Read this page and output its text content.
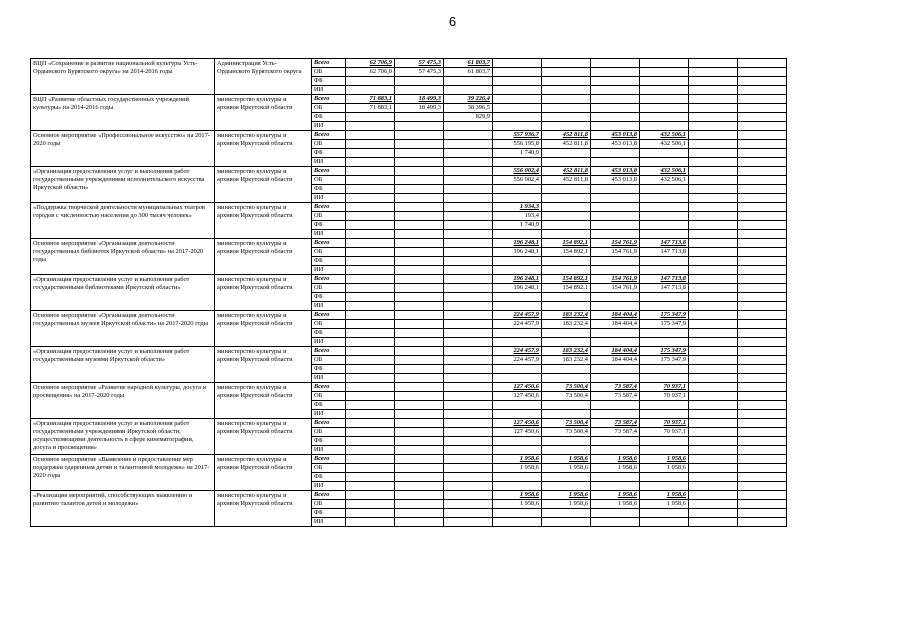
6
ВЦП «Сохранение и развитие национальной культуры Усть-Ордынского Бурятского округа» на 2014-2016 годы	Администрация Усть-Ордынского Бурятского округа	Всего	62 706,9	57 475,3	61 803,7						
		ОБ	62 706,0	57 475,3	61 803,7						
		ФБ									
		ИИ									
ВЦП «Развитие областных государственных учреждений культуры» на 2014-2016 годы	министерство культуры и архивов Иркутской области	Всего	71 883,1	18 499,3	39 226,4						
		ОБ	71 883,1	18 499,3	38 396,5						
		ФБ			829,9						
		ИИ									
Основное мероприятие «Профессиональное искусство» на 2017-2020 годы	министерство культуры и архивов Иркутской области	Всего				557 936,7	452 811,8	453 013,8	432 506,1		
		ОБ				556 195,8	452 811,8	453 013,8	432 506,1		
		ФБ				1 740,9					
		ИИ									
«Организация предоставления услуг и выполнения работ государственными учреждениями исполнительского искусства Иркутской области»	министерство культуры и архивов Иркутской области	Всего				556 002,4	452 811,8	453 013,8	432 506,1		
		ОБ				556 002,4	452 811,8	453 013,8	432 506,1		
		ФБ									
		ИИ									
«Поддержка творческой деятельности муниципальных театров городов с численностью населения до 300 тысяч человек»	министерство культуры и архивов Иркутской области	Всего				1 934,3					
		ОБ				193,4					
		ФБ				1 740,9					
		ИИ									
Основное мероприятие «Организация деятельности государственных библиотек Иркутской области» на 2017-2020 годы	министерство культуры и архивов Иркутской области	Всего				196 248,1	154 892,1	154 761,9	147 713,8		
		ОБ				196 248,1	154 892,1	154 761,9	147 713,8		
		ФБ									
		ИИ									
«Организация предоставления услуг и выполнения работ государственными библиотеками Иркутской области»	министерство культуры и архивов Иркутской области	Всего				196 248,1	154 892,1	154 761,9	147 713,8		
		ОБ				196 248,1	154 892,1	154 761,9	147 713,8		
		ФБ									
		ИИ									
Основное мероприятие «Организация деятельности государственных музеев Иркутской области» на 2017-2020 годы	министерство культуры и архивов Иркутской области	Всего				224 457,9	183 232,4	184 404,4	175 347,9		
		ОБ				224 457,9	183 232,4	184 404,4	175 347,9		
		ФБ									
		ИИ									
«Организация предоставления услуг и выполнения работ государственными музеями Иркутской области»	министерство культуры и архивов Иркутской области	Всего				224 457,9	183 232,4	184 404,4	175 347,9		
		ОБ				224 457,9	183 232,4	184 404,4	175 347,9		
		ФБ									
		ИИ									
Основное мероприятие «Развитие народной культуры, досуга и просвещения» на 2017-2020 годы	министерство культуры и архивов Иркутской области	Всего				127 450,6	73 500,4	73 587,4	70 937,1		
		ОБ				127 450,6	73 500,4	73 587,4	70 937,1		
		ФБ									
		ИИ									
«Организация предоставления услуг и выполнения работ государственными учреждениями Иркутской области, осуществляющими деятельность в сфере кинематографии, досуга и просвещения»	министерство культуры и архивов Иркутской области	Всего				127 450,6	73 500,4	73 587,4	70 937,1		
		ОБ				127 450,6	73 500,4	73 587,4	70 937,1		
		ФБ									
		ИИ									
Основное мероприятие «Выявление и предоставление мер поддержки одаренным детям и талантливой молодежи» на 2017-2020 годы	министерство культуры и архивов Иркутской области	Всего				1 958,6	1 958,6	1 958,6	1 958,6		
		ОБ				1 958,6	1 958,6	1 958,6	1 958,6		
		ФБ									
		ИИ									
«Реализация мероприятий, способствующих выявлению и развитию талантов детей и молодежи»	министерство культуры и архивов Иркутской области	Всего				1 958,6	1 958,6	1 958,6	1 958,6		
		ОБ				1 958,6	1 958,6	1 958,6	1 958,6		
		ФБ									
		ИИ									
